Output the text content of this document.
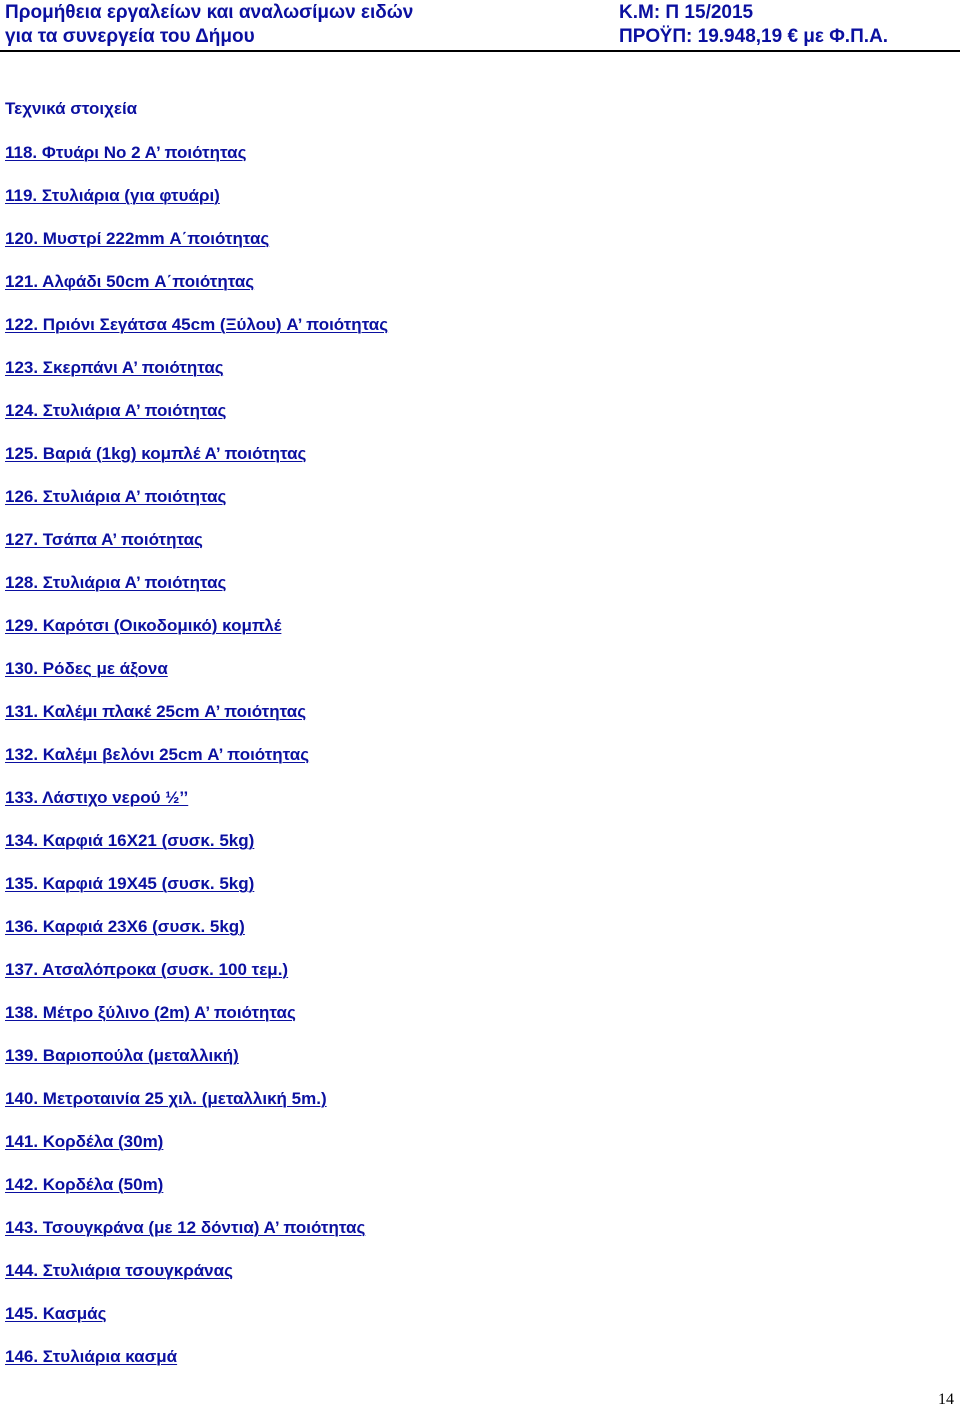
Προμήθεια εργαλείων και αναλωσίμων ειδών
για τα συνεργεία του Δήμου
Κ.Μ: Π 15/2015
ΠΡΟΫΠ: 19.948,19 € με Φ.Π.Α.
Τεχνικά στοιχεία
118. Φτυάρι Νο 2 Α’ ποιότητας
119. Στυλιάρια (για φτυάρι)
120. Μυστρί 222mm Α΄ποιότητας
121. Αλφάδι 50cm Α΄ποιότητας
122. Πριόνι Σεγάτσα 45cm (Ξύλου) Α’ ποιότητας
123. Σκερπάνι Α’ ποιότητας
124. Στυλιάρια Α’ ποιότητας
125. Βαριά (1kg) κομπλέ Α’ ποιότητας
126. Στυλιάρια Α’ ποιότητας
127. Τσάπα Α’ ποιότητας
128. Στυλιάρια Α’ ποιότητας
129. Καρότσι (Οικοδομικό) κομπλέ
130. Ρόδες με άξονα
131. Καλέμι πλακέ 25cm Α’ ποιότητας
132. Καλέμι βελόνι 25cm Α’ ποιότητας
133. Λάστιχο νερού ½’’
134. Καρφιά 16Χ21 (συσκ. 5kg)
135. Καρφιά 19Χ45 (συσκ. 5kg)
136. Καρφιά 23Χ6 (συσκ. 5kg)
137. Ατσαλόπροκα (συσκ. 100 τεμ.)
138. Μέτρο ξύλινο (2m) Α’ ποιότητας
139. Βαριοπούλα (μεταλλική)
140. Μετροταινία 25 χιλ. (μεταλλική 5m.)
141. Κορδέλα (30m)
142. Κορδέλα (50m)
143. Τσουγκράνα (με 12 δόντια) Α’ ποιότητας
144. Στυλιάρια τσουγκράνας
145. Κασμάς
146. Στυλιάρια κασμά
14
